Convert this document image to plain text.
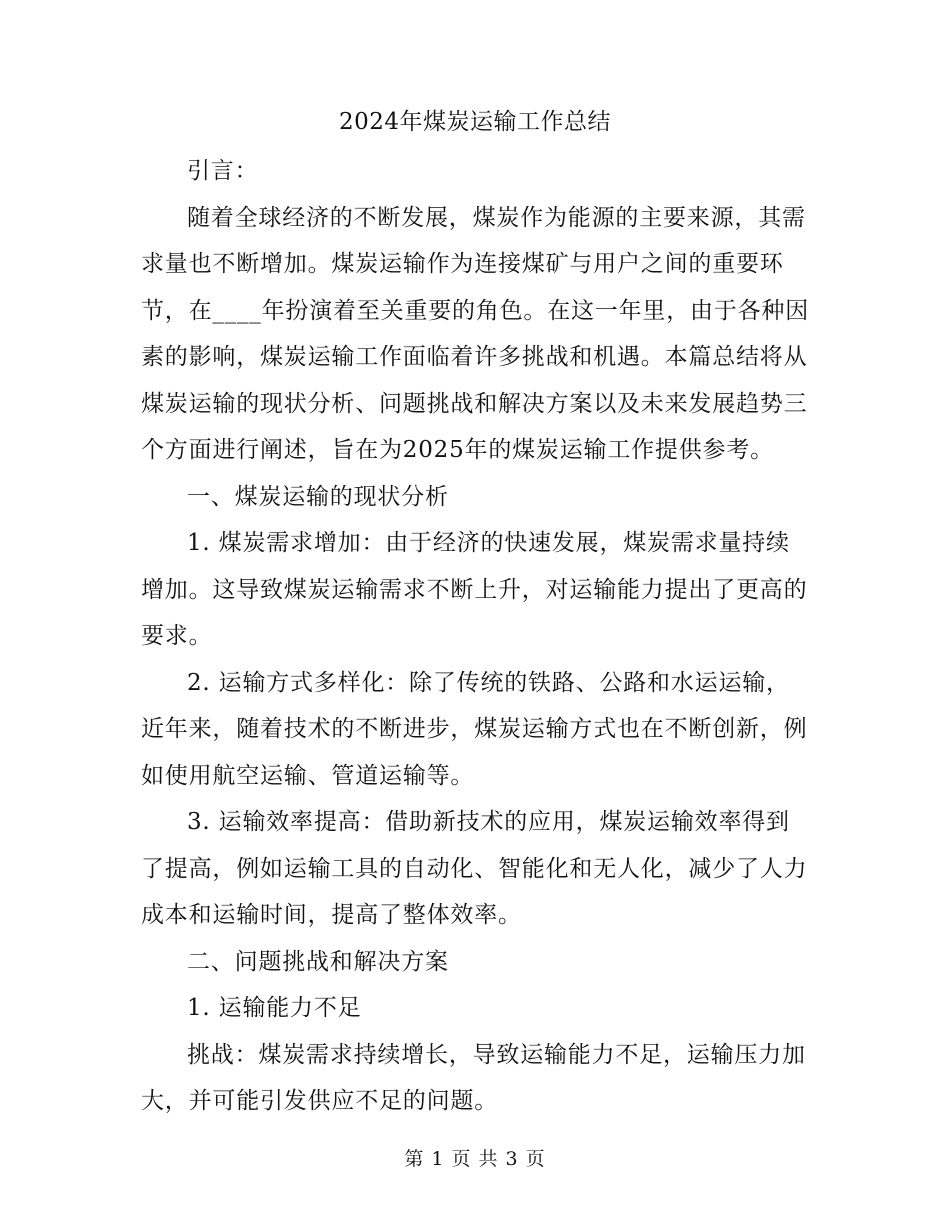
2024年煤炭运输工作总结

引言：

随着全球经济的不断发展，煤炭作为能源的主要来源，其需求量也不断增加。煤炭运输作为连接煤矿与用户之间的重要环节，在____年扮演着至关重要的角色。在这一年里，由于各种因素的影响，煤炭运输工作面临着许多挑战和机遇。本篇总结将从煤炭运输的现状分析、问题挑战和解决方案以及未来发展趋势三个方面进行阐述，旨在为2025年的煤炭运输工作提供参考。

一、煤炭运输的现状分析

1. 煤炭需求增加：由于经济的快速发展，煤炭需求量持续增加。这导致煤炭运输需求不断上升，对运输能力提出了更高的要求。

2. 运输方式多样化：除了传统的铁路、公路和水运运输，近年来，随着技术的不断进步，煤炭运输方式也在不断创新，例如使用航空运输、管道运输等。

3. 运输效率提高：借助新技术的应用，煤炭运输效率得到了提高，例如运输工具的自动化、智能化和无人化，减少了人力成本和运输时间，提高了整体效率。

二、问题挑战和解决方案

1. 运输能力不足

挑战：煤炭需求持续增长，导致运输能力不足，运输压力加大，并可能引发供应不足的问题。

第 1 页 共 3 页
